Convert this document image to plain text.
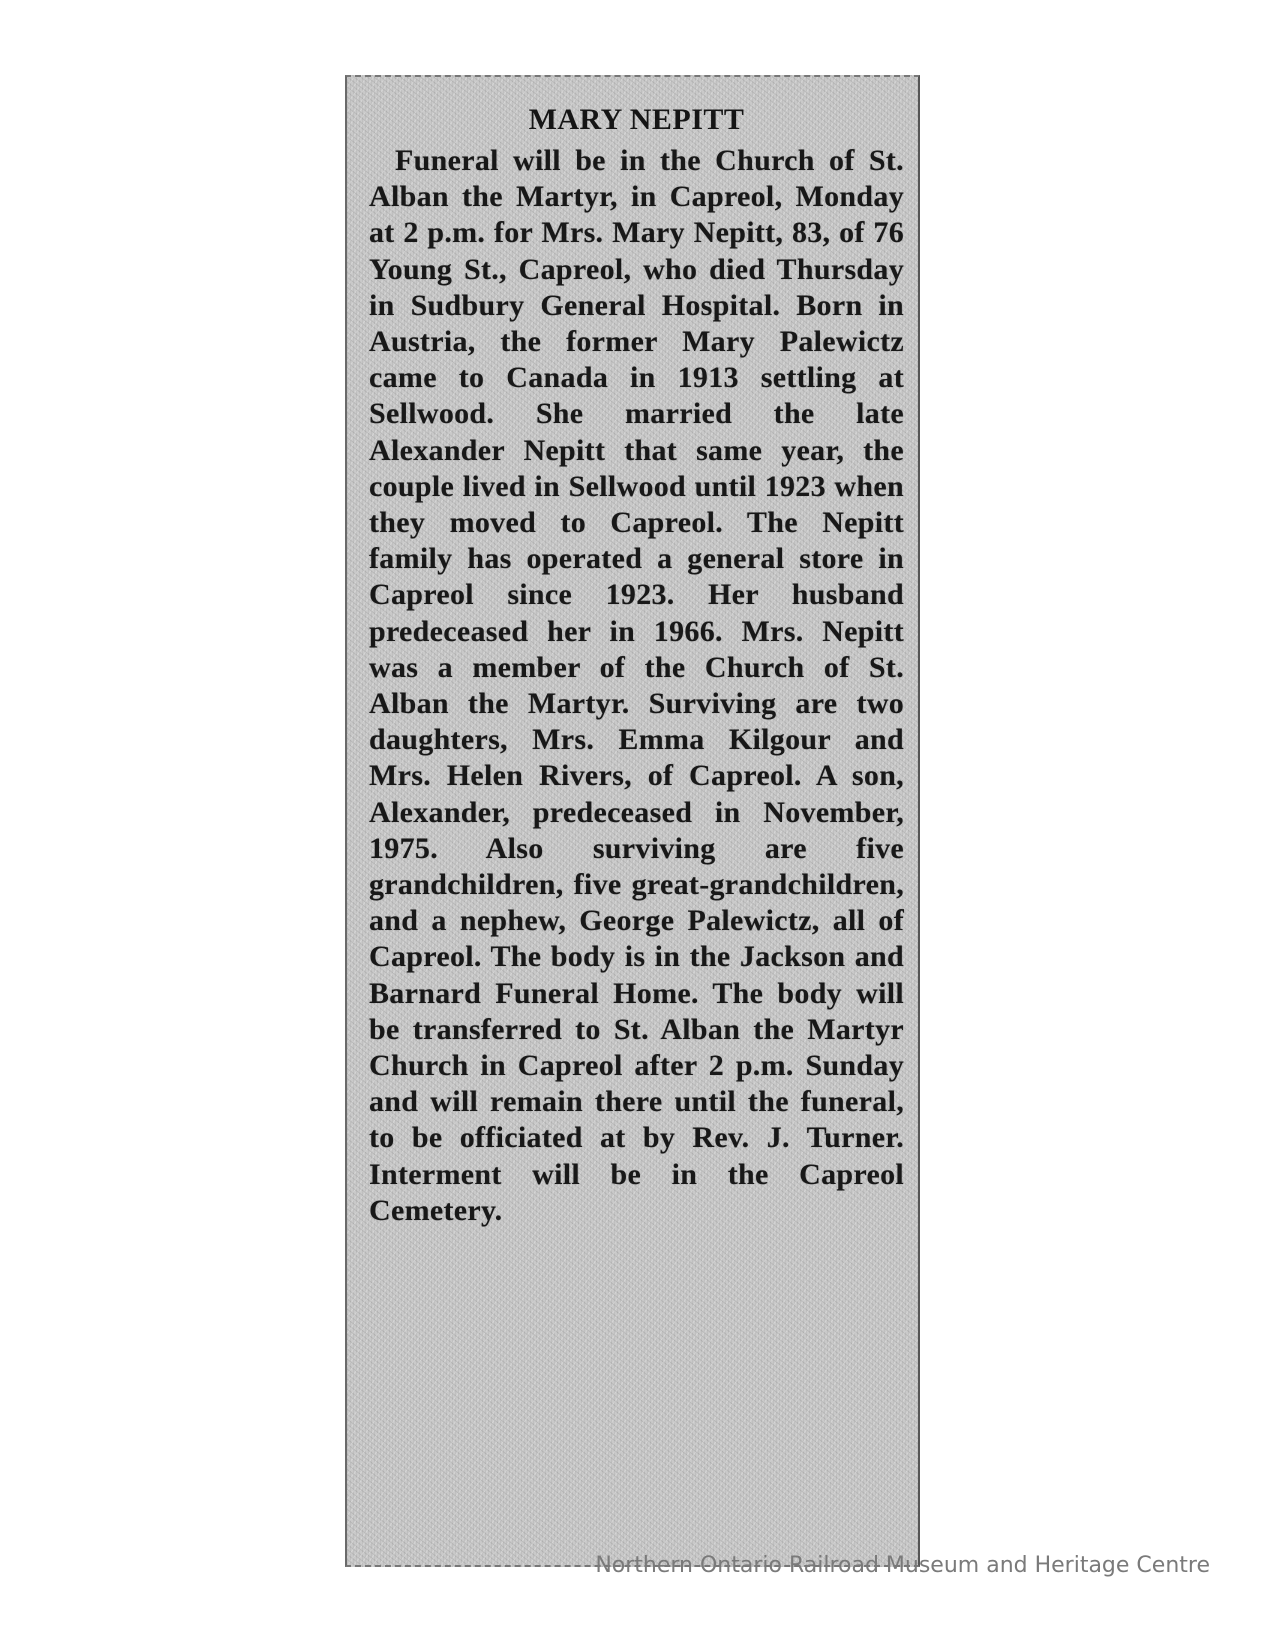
MARY NEPITT

Funeral will be in the Church of St. Alban the Martyr, in Capreol, Monday at 2 p.m. for Mrs. Mary Nepitt, 83, of 76 Young St., Capreol, who died Thursday in Sudbury General Hospital. Born in Austria, the former Mary Palewictz came to Canada in 1913 settling at Sellwood. She married the late Alexander Nepitt that same year, the couple lived in Sellwood until 1923 when they moved to Capreol. The Nepitt family has operated a general store in Capreol since 1923. Her husband predeceased her in 1966. Mrs. Nepitt was a member of the Church of St. Alban the Martyr. Surviving are two daughters, Mrs. Emma Kilgour and Mrs. Helen Rivers, of Capreol. A son, Alexander, predeceased in November, 1975. Also surviving are five grandchildren, five great-grandchildren, and a nephew, George Palewictz, all of Capreol. The body is in the Jackson and Barnard Funeral Home. The body will be transferred to St. Alban the Martyr Church in Capreol after 2 p.m. Sunday and will remain there until the funeral, to be officiated at by Rev. J. Turner. Interment will be in the Capreol Cemetery.

Northern Ontario Railroad Museum and Heritage Centre
